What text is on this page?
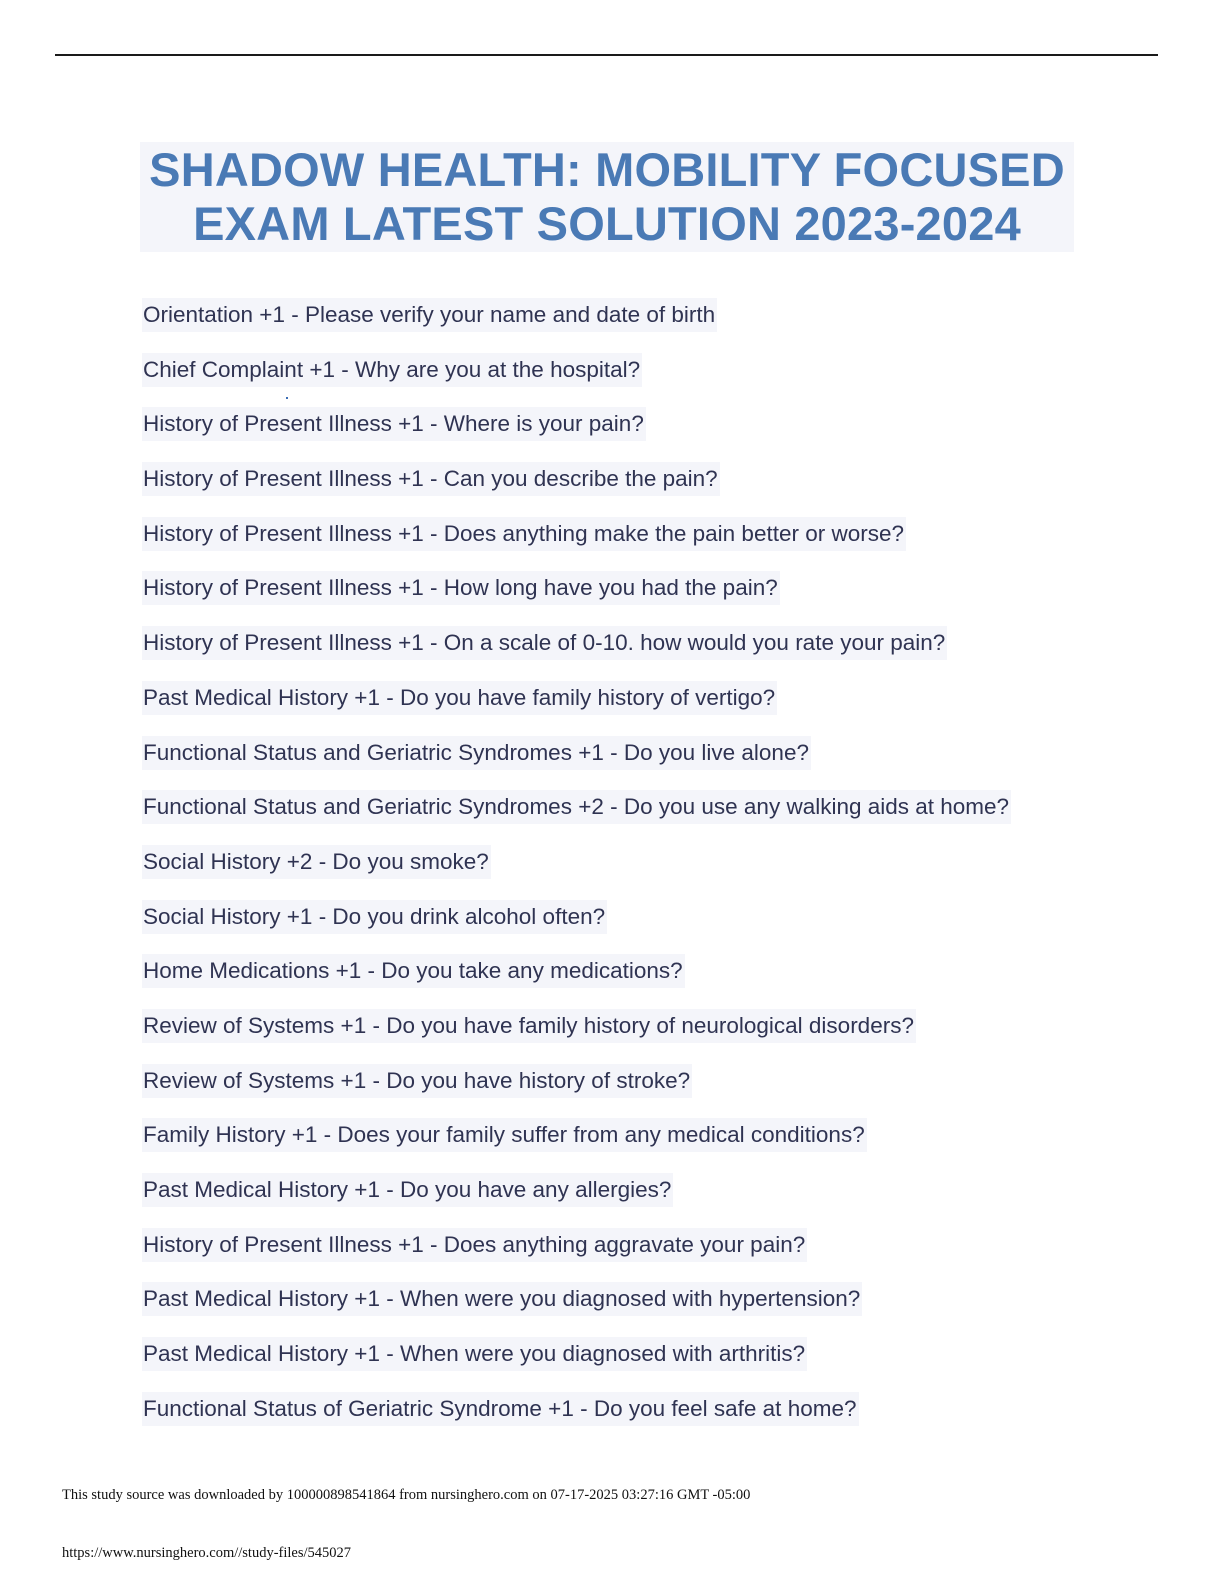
SHADOW HEALTH: MOBILITY FOCUSED
EXAM LATEST SOLUTION 2023-2024
Orientation +1 - Please verify your name and date of birth
Chief Complaint +1 - Why are you at the hospital?
History of Present Illness +1 - Where is your pain?
History of Present Illness +1 - Can you describe the pain?
History of Present Illness +1 - Does anything make the pain better or worse?
History of Present Illness +1 - How long have you had the pain?
History of Present Illness +1 - On a scale of 0-10. how would you rate your pain?
Past Medical History +1 - Do you have family history of vertigo?
Functional Status and Geriatric Syndromes +1 - Do you live alone?
Functional Status and Geriatric Syndromes +2 - Do you use any walking aids at home?
Social History +2 - Do you smoke?
Social History +1 - Do you drink alcohol often?
Home Medications +1 - Do you take any medications?
Review of Systems +1 - Do you have family history of neurological disorders?
Review of Systems +1 - Do you have history of stroke?
Family History +1 - Does your family suffer from any medical conditions?
Past Medical History +1 - Do you have any allergies?
History of Present Illness +1 - Does anything aggravate your pain?
Past Medical History +1 - When were you diagnosed with hypertension?
Past Medical History +1 - When were you diagnosed with arthritis?
Functional Status of Geriatric Syndrome +1 - Do you feel safe at home?
This study source was downloaded by 100000898541864 from nursinghero.com on 07-17-2025 03:27:16 GMT -05:00
https://www.nursinghero.com//study-files/545027
